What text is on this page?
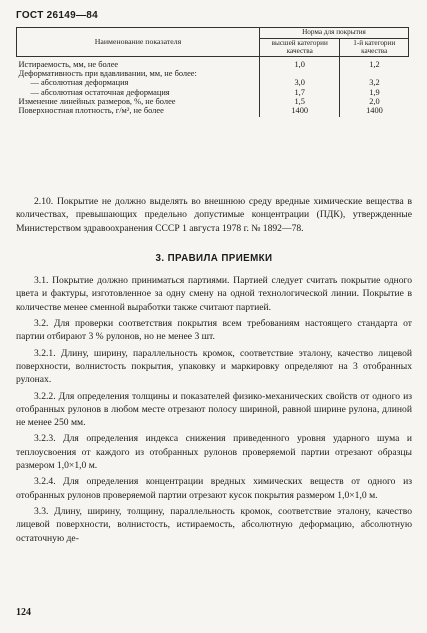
ГОСТ 26149—84
Наименование показателя	Норма для покрытия	
	высшей категории качества	1-й категории качества
Истираемость, мм, не более	1,0	1,2
Деформативность при вдавливании, мм, не более:		
— абсолютная деформация	3,0	3,2
— абсолютная остаточная деформация	1,7	1,9
Изменение линейных размеров, %, не более	1,5	2,0
Поверхностная плотность, г/м², не более	1400	1400

2.10. Покрытие не должно выделять во внешнюю среду вредные химические вещества в количествах, превышающих предельно допустимые концентрации (ПДК), утвержденные Министерством здравоохранения СССР 1 августа 1978 г. № 1892—78.

3. ПРАВИЛА ПРИЕМКИ

3.1. Покрытие должно приниматься партиями. Партией следует считать покрытие одного цвета и фактуры, изготовленное за одну смену на одной технологической линии. Покрытие в количестве менее сменной выработки также считают партией.

3.2. Для проверки соответствия покрытия всем требованиям настоящего стандарта от партии отбирают 3 % рулонов, но не менее 3 шт.

3.2.1. Длину, ширину, параллельность кромок, соответствие эталону, качество лицевой поверхности, волнистость покрытия, упаковку и маркировку определяют на 3 отобранных рулонах.

3.2.2. Для определения толщины и показателей физико-механических свойств от одного из отобранных рулонов в любом месте отрезают полосу шириной, равной ширине рулона, длиной не менее 250 мм.

3.2.3. Для определения индекса снижения приведенного уровня ударного шума и теплоусвоения от каждого из отобранных рулонов проверяемой партии отрезают образцы размером 1,0×1,0 м.

3.2.4. Для определения концентрации вредных химических веществ от одного из отобранных рулонов проверяемой партии отрезают кусок покрытия размером 1,0×1,0 м.

3.3. Длину, ширину, толщину, параллельность кромок, соответствие эталону, качество лицевой поверхности, волнистость, истираемость, абсолютную деформацию, абсолютную остаточную де-

124
